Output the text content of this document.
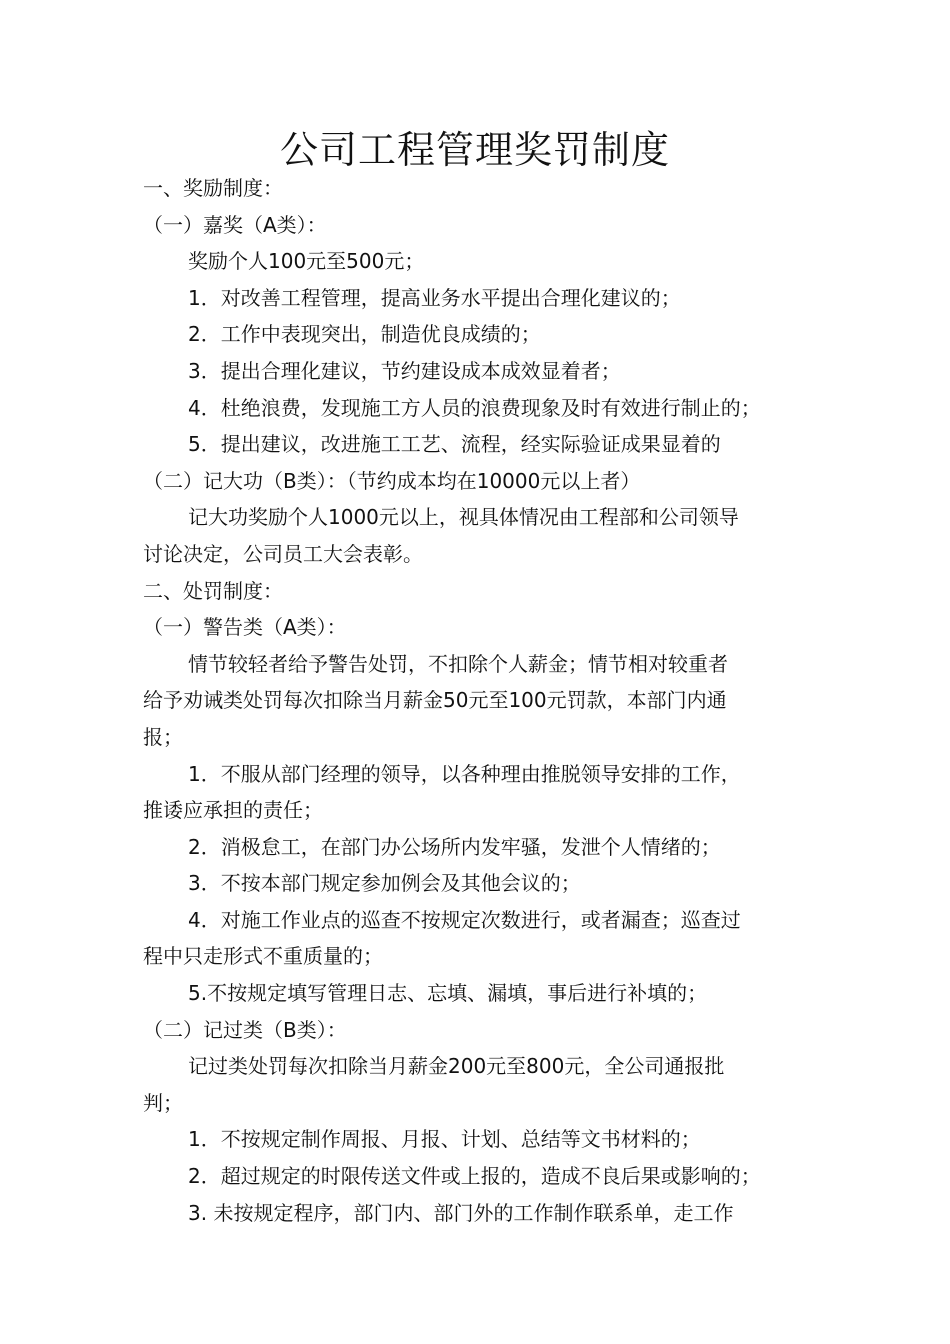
公司工程管理奖罚制度

一、奖励制度：

（一）嘉奖（A类）：

奖励个人100元至500元；

1．对改善工程管理，提高业务水平提出合理化建议的；

2．工作中表现突出，制造优良成绩的；

3．提出合理化建议，节约建设成本成效显着者；

4．杜绝浪费，发现施工方人员的浪费现象及时有效进行制止的；

5．提出建议，改进施工工艺、流程，经实际验证成果显着的

（二）记大功（B类）：（节约成本均在10000元以上者）

记大功奖励个人1000元以上，视具体情况由工程部和公司领导

讨论决定，公司员工大会表彰。

二、处罚制度：

（一）警告类（A类）：

情节较轻者给予警告处罚，不扣除个人薪金；情节相对较重者

给予劝诫类处罚每次扣除当月薪金50元至100元罚款，本部门内通

报；

1．不服从部门经理的领导，以各种理由推脱领导安排的工作，

推诿应承担的责任；

2．消极怠工，在部门办公场所内发牢骚，发泄个人情绪的；

3．不按本部门规定参加例会及其他会议的；

4．对施工作业点的巡查不按规定次数进行，或者漏查；巡查过

程中只走形式不重质量的；

5.不按规定填写管理日志、忘填、漏填，事后进行补填的；

（二）记过类（B类）：

记过类处罚每次扣除当月薪金200元至800元，全公司通报批

判；

1．不按规定制作周报、月报、计划、总结等文书材料的；

2．超过规定的时限传送文件或上报的，造成不良后果或影响的；

3. 未按规定程序，部门内、部门外的工作制作联系单，走工作
